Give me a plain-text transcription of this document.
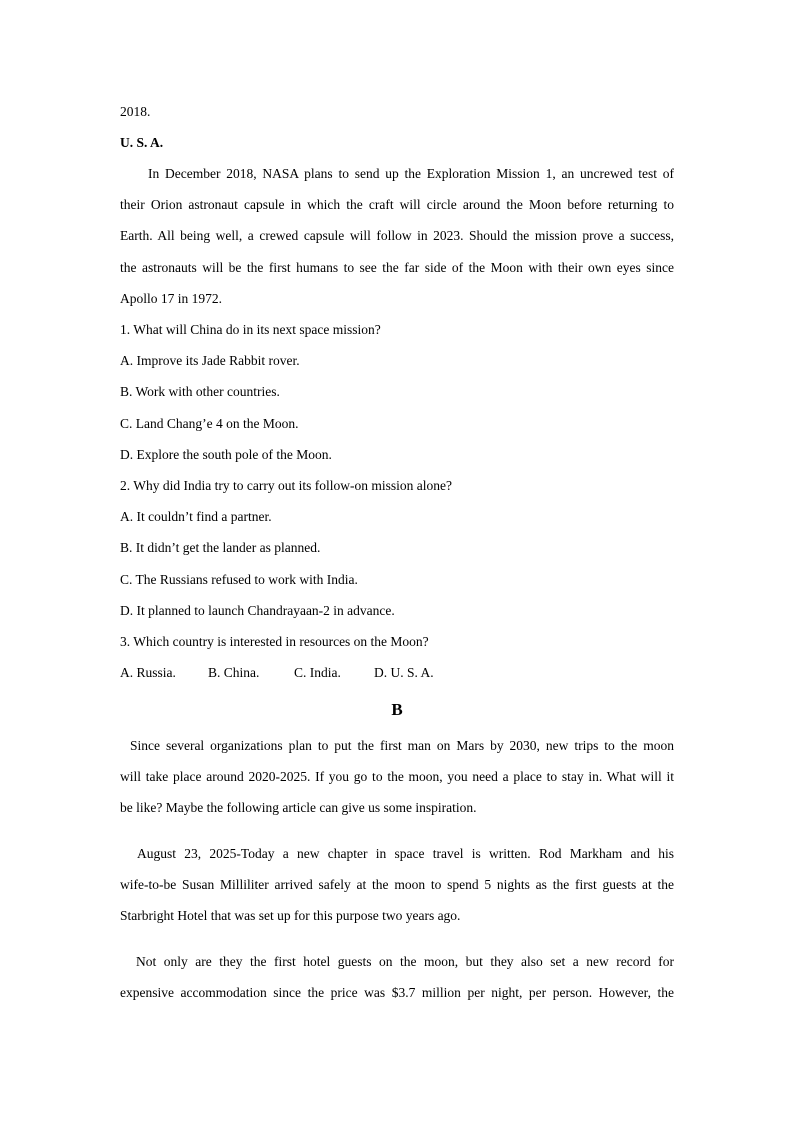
2018.
U. S. A.
In December 2018, NASA plans to send up the Exploration Mission 1, an uncrewed test of
their Orion astronaut capsule in which the craft will circle around the Moon before returning to
Earth. All being well, a crewed capsule will follow in 2023. Should the mission prove a success,
the astronauts will be the first humans to see the far side of the Moon with their own eyes since
Apollo 17 in 1972.
1. What will China do in its next space mission?
A. Improve its Jade Rabbit rover.
B. Work with other countries.
C. Land Chang’e 4 on the Moon.
D. Explore the south pole of the Moon.
2. Why did India try to carry out its follow-on mission alone?
A. It couldn’t find a partner.
B. It didn’t get the lander as planned.
C. The Russians refused to work with India.
D. It planned to launch Chandrayaan-2 in advance.
3. Which country is interested in resources on the Moon?
A. Russia. B. China.	C. India. D. U. S. A.
B
Since several organizations plan to put the first man on Mars by 2030, new trips to the moon
will take place around 2020-2025. If you go to the moon, you need a place to stay in. What will it
be like? Maybe the following article can give us some inspiration.
August 23, 2025-Today a new chapter in space travel is written. Rod Markham and his
wife-to-be Susan Milliliter arrived safely at the moon to spend 5 nights as the first guests at the
Starbright Hotel that was set up for this purpose two years ago.
Not only are they the first hotel guests on the moon, but they also set a new record for
expensive accommodation since the price was $3.7 million per night, per person. However, the
